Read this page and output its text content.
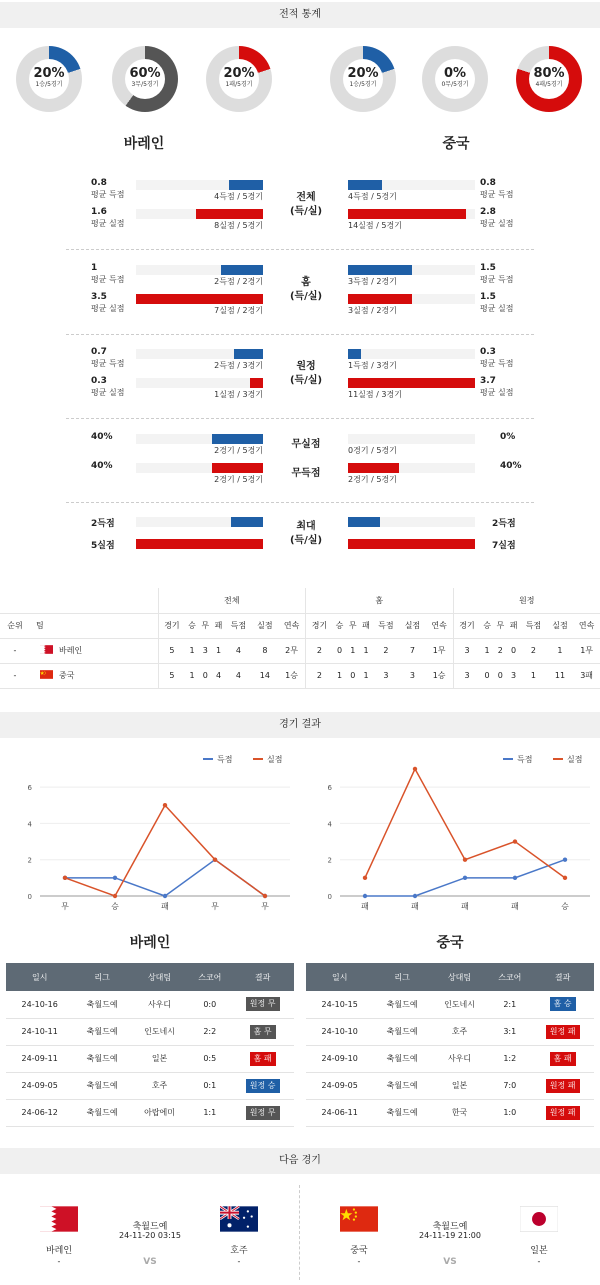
전적 통계
20%
1승/5경기
60%
3무/5경기
20%
1패/5경기
20%
1승/5경기
0%
0무/5경기
80%
4패/5경기
바레인	중국
0.8
평균 득점	4득점 / 5경기	4득점 / 5경기
0.8
평균 득점
1.6
평균 실점	8실점 / 5경기	14실점 / 5경기
2.8
평균 실점
전체
(득/실)
1
평균 득점	2득점 / 2경기	3득점 / 2경기
1.5
평균 득점
3.5
평균 실점	7실점 / 2경기	3실점 / 2경기
1.5
평균 실점
홈
(득/실)
0.7
평균 득점	2득점 / 3경기	1득점 / 3경기
0.3
평균 득점
0.3
평균 실점	1실점 / 3경기	11실점 / 3경기
3.7
평균 실점
원정
(득/실)
40%
2경기 / 5경기
무실점
0경기 / 5경기
0%
40%
2경기 / 5경기
무득점
2경기 / 5경기
40%
2득점	2득점
5실점	7실점
최대
(득/실)
		전체							홈							원정						
순위	팀	경기	승	무	패	득점	실점	연속	경기	승	무	패	득점	실점	연속	경기	승	무	패	득점	실점	연속
-	바레인	5	1	3	1	4	8	2무	2	0	1	1	2	7	1무	3	1	2	0	2	1	1무
-	중국	5	1	0	4	4	14	1승	2	1	0	1	3	3	1승	3	0	0	3	1	11	3패
경기 결과
0
2
4
6
무	승	패	무	무
득점	실점
0
2
4
6
패	패	패	패	승
득점	실점
바레인	중국
일시	리그	상대팀	스코어	결과
24-10-16	축월드예	사우디	0:0	원정 무
24-10-11	축월드예	인도네시	2:2	홈 무
24-09-11	축월드예	일본	0:5	홈 패
24-09-05	축월드예	호주	0:1	원정 승
24-06-12	축월드예	아랍에미	1:1	원정 무
일시	리그	상대팀	스코어	결과
24-10-15	축월드예	인도네시	2:1	홈 승
24-10-10	축월드예	호주	3:1	원정 패
24-09-10	축월드예	사우디	1:2	홈 패
24-09-05	축월드예	일본	7:0	원정 패
24-06-11	축월드예	한국	1:0	원정 패
다음 경기
바레인
-
축월드예
24-11-20 03:15
VS
호주
-
중국
-
축월드예
24-11-19 21:00
VS
일본
-
